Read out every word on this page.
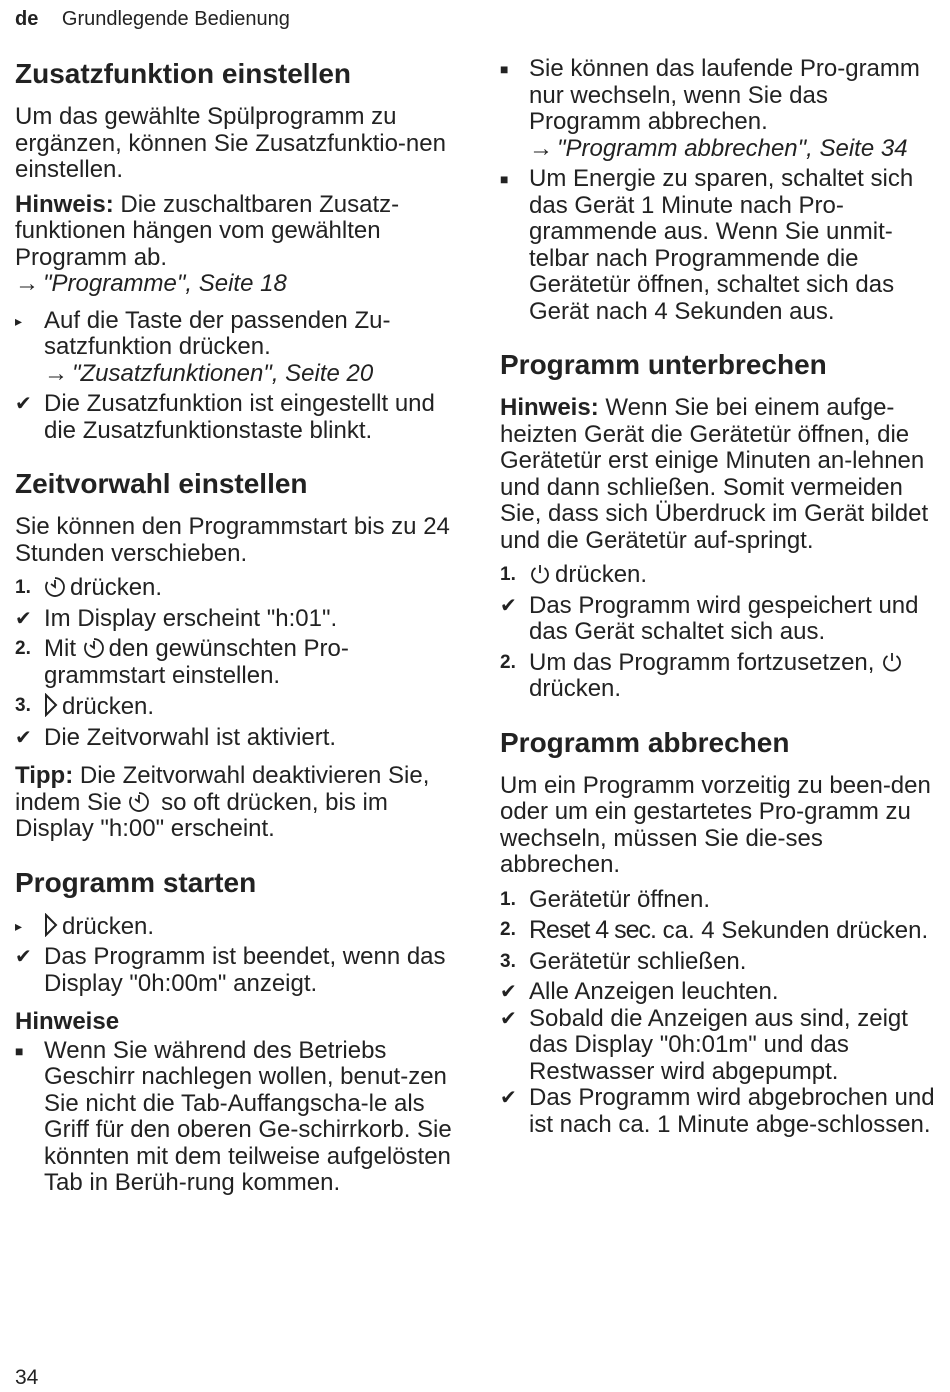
de Grundlegende Bedienung
Zusatzfunktion einstellen

Um das gewählte Spülprogramm zu ergänzen, können Sie Zusatzfunktio-nen einstellen.

Hinweis: Die zuschaltbaren Zusatz-funktionen hängen vom gewählten Programm ab.

→ "Programme", Seite 18
▸ Auf die Taste der passenden Zu-satzfunktion drücken.
→ "Zusatzfunktionen", Seite 20
✔ Die Zusatzfunktion ist eingestellt und die Zusatzfunktionstaste blinkt.
Zeitvorwahl einstellen

Sie können den Programmstart bis zu 24 Stunden verschieben.

1.	drücken.
✔ Im Display erscheint "h:01".
2. Mit den gewünschten Pro-grammstart einstellen.
3.	drücken.
✔ Die Zeitvorwahl ist aktiviert.

Tipp: Die Zeitvorwahl deaktivieren Sie, indem Sie so oft drücken, bis im Display "h:00" erscheint.

Programm starten
▸	drücken.
✔ Das Programm ist beendet, wenn das Display "0h:00m" anzeigt.
Hinweise
■ Wenn Sie während des Betriebs Geschirr nachlegen wollen, benut-zen Sie nicht die Tab-Auffangscha-le als Griff für den oberen Ge-schirrkorb. Sie könnten mit dem teilweise aufgelösten Tab in Berüh-rung kommen.
■ Sie können das laufende Pro-gramm nur wechseln, wenn Sie das Programm abbrechen.
→ "Programm abbrechen", Seite 34
■ Um Energie zu sparen, schaltet sich das Gerät 1 Minute nach Pro-grammende aus. Wenn Sie unmit-telbar nach Programmende die Gerätetür öffnen, schaltet sich das Gerät nach 4 Sekunden aus.
Programm unterbrechen

Hinweis: Wenn Sie bei einem aufge-heizten Gerät die Gerätetür öffnen, die Gerätetür erst einige Minuten an-lehnen und dann schließen. Somit vermeiden Sie, dass sich Überdruck im Gerät bildet und die Gerätetür auf-springt.

1.	drücken.
✔ Das Programm wird gespeichert und das Gerät schaltet sich aus.
2. Um das Programm fortzusetzen,

drücken.
Programm abbrechen

Um ein Programm vorzeitig zu been-den oder um ein gestartetes Pro-gramm zu wechseln, müssen Sie die-ses abbrechen.

1. Gerätetür öffnen.
2. Reset 4 sec. ca. 4 Sekunden drücken.
3. Gerätetür schließen.
✔ Alle Anzeigen leuchten.
✔ Sobald die Anzeigen aus sind, zeigt das Display "0h:01m" und das Restwasser wird abgepumpt.
✔ Das Programm wird abgebrochen und ist nach ca. 1 Minute abge-schlossen.
34
